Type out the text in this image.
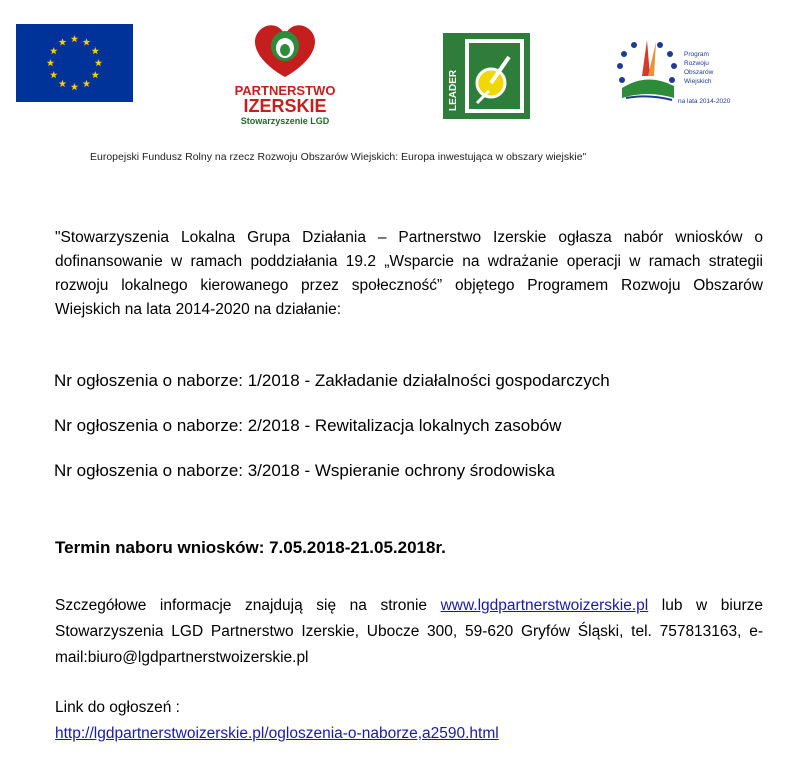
PARTNERSTWO
IZERSKIE
Stowarzyszenie LGD
LEADER
Program Rozwoju Obszarów Wiejskich na lata 2014-2020
Europejski Fundusz Rolny na rzecz Rozwoju Obszarów Wiejskich: Europa inwestująca w obszary wiejskie"
"Stowarzyszenia Lokalna Grupa Działania – Partnerstwo Izerskie ogłasza nabór wniosków o dofinansowanie w ramach poddziałania 19.2 „Wsparcie na wdrażanie operacji w ramach strategii rozwoju lokalnego kierowanego przez społeczność” objętego Programem Rozwoju Obszarów Wiejskich na lata 2014-2020 na działanie:
Nr ogłoszenia o naborze: 1/2018 - Zakładanie działalności gospodarczych
Nr ogłoszenia o naborze: 2/2018 - Rewitalizacja lokalnych zasobów
Nr ogłoszenia o naborze: 3/2018 - Wspieranie ochrony środowiska
Termin naboru wniosków: 7.05.2018-21.05.2018r.
Szczegółowe informacje znajdują się na stronie www.lgdpartnerstwoizerskie.pl lub w biurze Stowarzyszenia LGD Partnerstwo Izerskie, Ubocze 300, 59-620 Gryfów Śląski, tel. 757813163, e-mail:biuro@lgdpartnerstwoizerskie.pl
Link do ogłoszeń :
http://lgdpartnerstwoizerskie.pl/ogloszenia-o-naborze,a2590.html
